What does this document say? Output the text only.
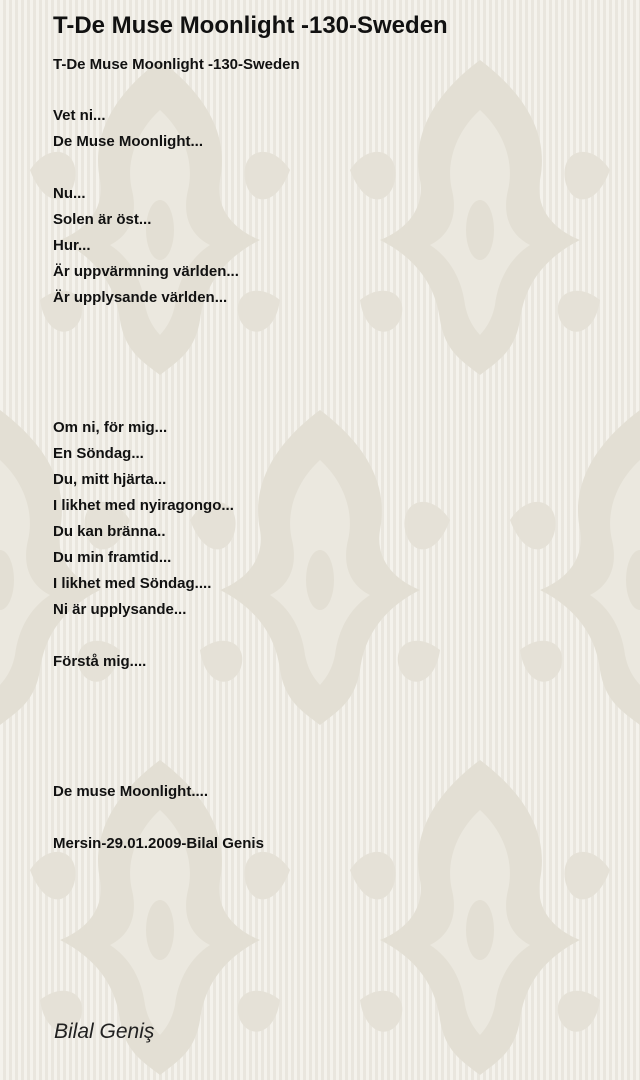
T-De Muse Moonlight -130-Sweden
T-De Muse Moonlight -130-Sweden
Vet ni...
De Muse Moonlight...
Nu...
Solen är öst...
Hur...
Är uppvärmning världen...
Är upplysande världen...
Om ni, för mig...
En Söndag...
Du, mitt hjärta...
I likhet med nyiragongo...
Du kan bränna..
Du min framtid...
I likhet med Söndag....
Ni är upplysande...
Förstå mig....
De muse Moonlight....
Mersin-29.01.2009-Bilal Genis
Bilal Geniş
